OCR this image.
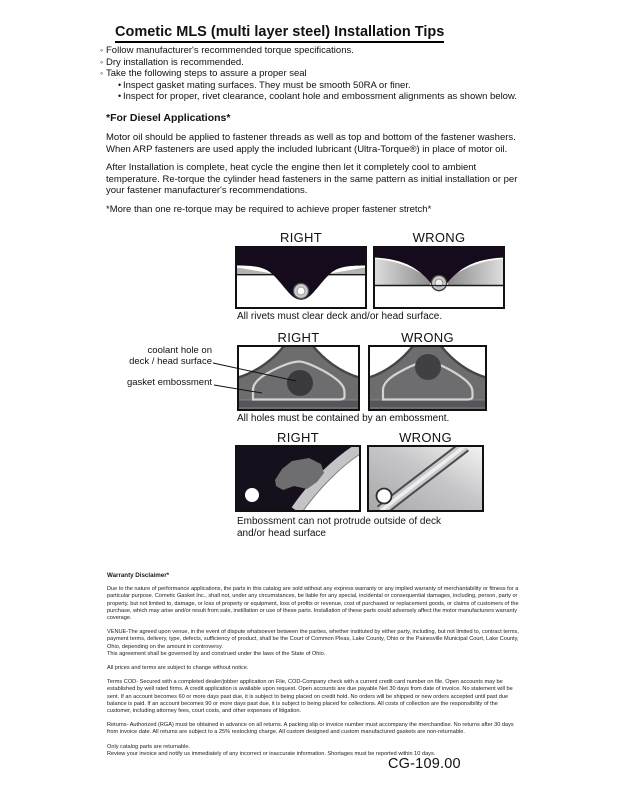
Cometic MLS (multi layer steel) Installation Tips
◦ Follow manufacturer's recommended torque specifications.
◦ Dry installation is recommended.
◦ Take the following steps to assure a proper seal
• Inspect gasket mating surfaces. They must be smooth 50RA or finer.
• Inspect for proper, rivet clearance, coolant hole and embossment alignments as shown below.
*For Diesel Applications*
Motor oil should be applied to fastener threads as well as top and bottom of the fastener washers. When ARP fasteners are used apply the included lubricant (Ultra-Torque®) in place of motor oil.
After Installation is complete, heat cycle the engine then let it completely cool to ambient temperature. Re-torque the cylinder head fasteners in the same pattern as initial installation or per your fastener manufacturer's recommendations.
*More than one re-torque may be required to achieve proper fastener stretch*
RIGHT	WRONG
All rivets must clear deck and/or head surface.
RIGHT	WRONG
coolant hole on
deck / head surface
gasket embossment
All holes must be contained by an embossment.
RIGHT	WRONG
Embossment can not protrude outside of deck
and/or head surface
Warranty Disclaimer*

Due to the nature of performance applications, the parts in this catalog are sold without any express warranty or any implied warranty of merchantability or fitness for a particular purpose. Cometic Gasket Inc., shall not, under any circumstances, be liable for any special, incidental or consequential damages, including, person, party or property, but not limited to, damage, or loss of property or equipment, loss of profits or revenue, cost of purchased or replacement goods, or claims of customers of the purchase, which may arise and/or result from sale, instillation or use of these parts. Installation of these parts could adversely affect the motor manufacturers warranty coverage.

VENUE-The agreed upon venue, in the event of dispute whatsoever between the parties, whether instituted by either party, including, but not limited to, contract terms, payment terms, delivery, type, defects, sufficiency of product, shall be the Court of Common Pleas, Lake County, Ohio or the Painesville Municipal Court, Lake County, Ohio, depending on the amount in controversy.
This agreement shall be governed by and construed under the laws of the State of Ohio.

All prices and terms are subject to change without notice.

Terms COD- Secured with a completed dealer/jobber application on File, COD-Company check with a current credit card number on file. Open accounts may be established by well rated firms. A credit application is available upon request. Open accounts are due payable Net 30 days from date of invoice. No statement will be sent. If an account becomes 60 or more days past due, it is subject to being placed on credit hold. No orders will be shipped or new orders accepted until past due balance is paid. If an account becomes 90 or more days past due, it is subject to being placed for collections. All costs of collection are the responsibility of the customer, including attorney fees, court costs, and other expenses of litigation.

Returns- Authorized (RGA) must be obtained in advance on all returns. A packing slip or invoice number must accompany the merchandise. No returns after 30 days from invoice date. All returns are subject to a 25% restocking charge. All custom designed and custom manufactured gaskets are non-returnable.

Only catalog parts are returnable.
Review your invoice and notify us immediately of any incorrect or inaccurate information. Shortages must be reported within 10 days.

CG-109.00
